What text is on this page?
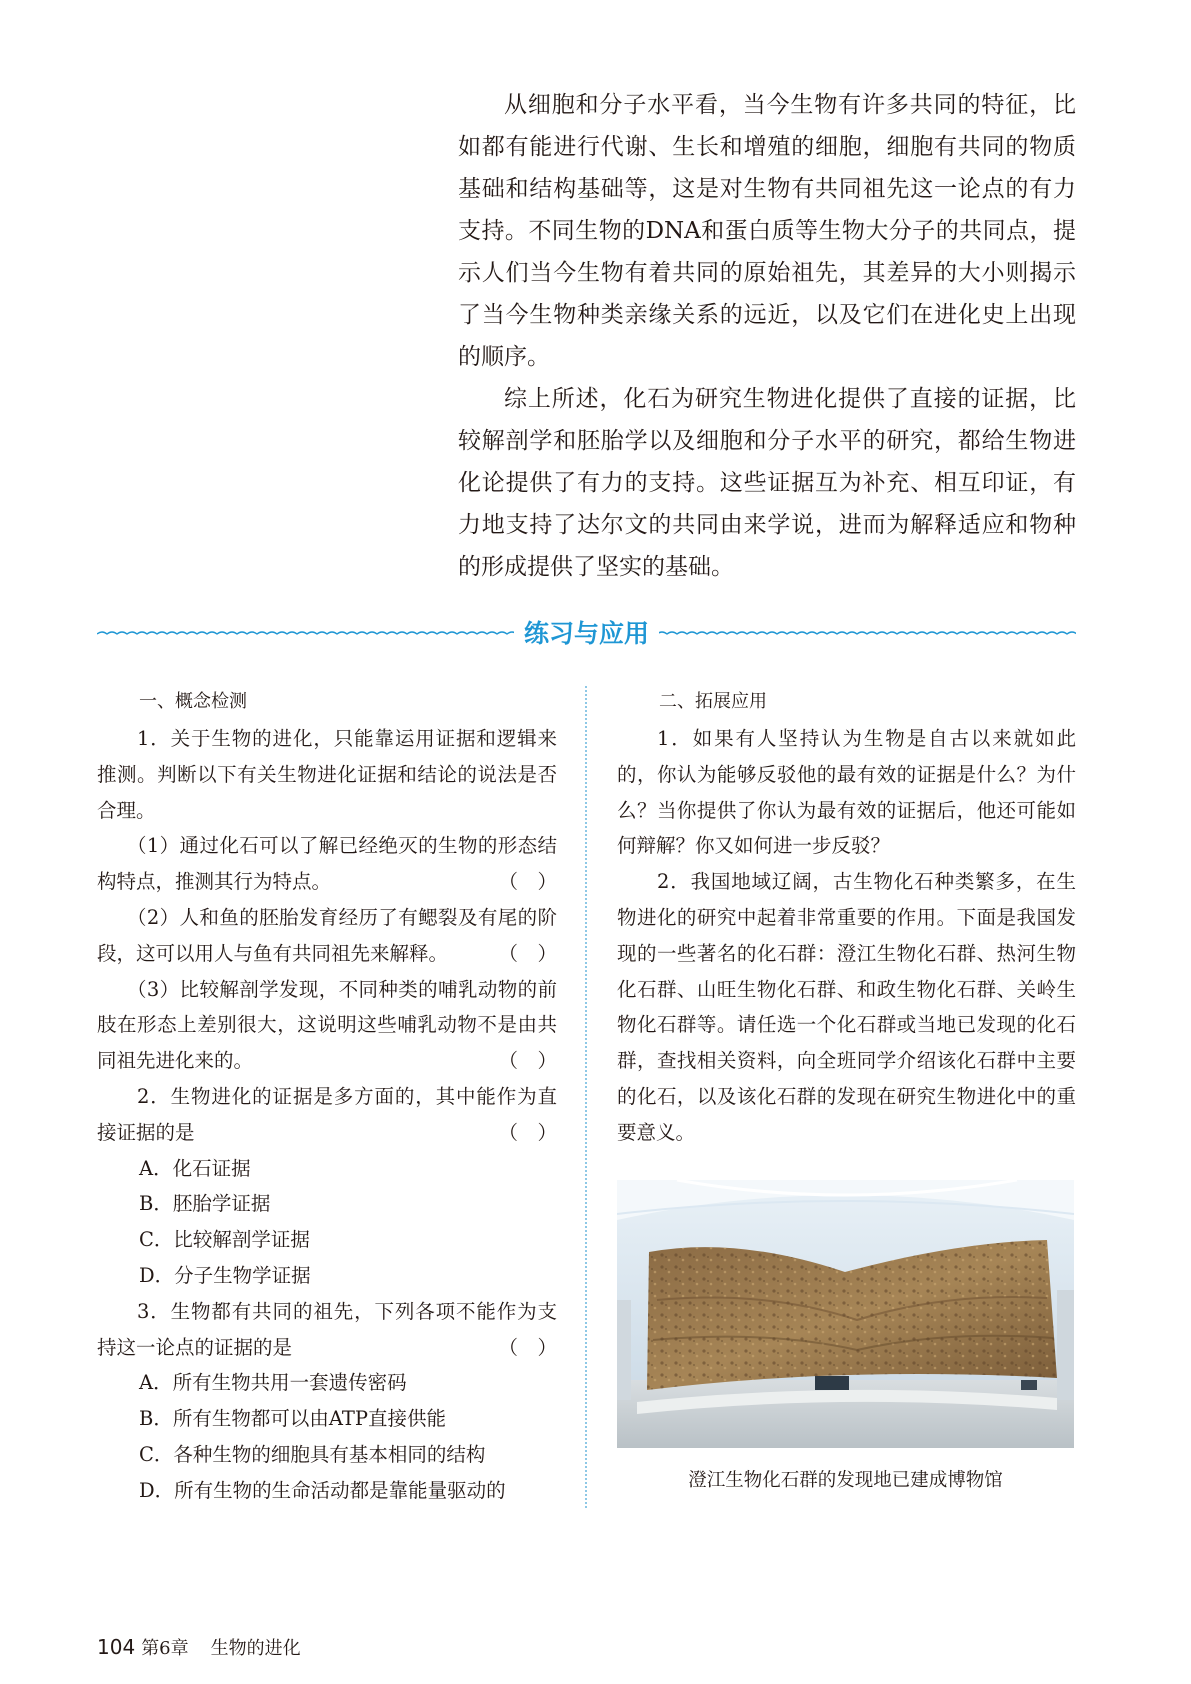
从细胞和分子水平看，当今生物有许多共同的特征，比如都有能进行代谢、生长和增殖的细胞，细胞有共同的物质基础和结构基础等，这是对生物有共同祖先这一论点的有力支持。不同生物的DNA和蛋白质等生物大分子的共同点，提示人们当今生物有着共同的原始祖先，其差异的大小则揭示了当今生物种类亲缘关系的远近，以及它们在进化史上出现的顺序。

综上所述，化石为研究生物进化提供了直接的证据，比较解剖学和胚胎学以及细胞和分子水平的研究，都给生物进化论提供了有力的支持。这些证据互为补充、相互印证，有力地支持了达尔文的共同由来学说，进而为解释适应和物种的形成提供了坚实的基础。

练习与应用
一、概念检测

1．关于生物的进化，只能靠运用证据和逻辑来推测。判断以下有关生物进化证据和结论的说法是否合理。

（1）通过化石可以了解已经绝灭的生物的形态结构特点，推测其行为特点。	（　）

（2）人和鱼的胚胎发育经历了有鳃裂及有尾的阶段，这可以用人与鱼有共同祖先来解释。	（　）

（3）比较解剖学发现，不同种类的哺乳动物的前肢在形态上差别很大，这说明这些哺乳动物不是由共同祖先进化来的。	（　）

2．生物进化的证据是多方面的，其中能作为直接证据的是	（　）

A．化石证据

B．胚胎学证据

C．比较解剖学证据

D．分子生物学证据

3．生物都有共同的祖先，下列各项不能作为支持这一论点的证据的是	（　）

A．所有生物共用一套遗传密码

B．所有生物都可以由ATP直接供能

C．各种生物的细胞具有基本相同的结构

D．所有生物的生命活动都是靠能量驱动的

二、拓展应用

1．如果有人坚持认为生物是自古以来就如此的，你认为能够反驳他的最有效的证据是什么？为什么？当你提供了你认为最有效的证据后，他还可能如何辩解？你又如何进一步反驳？

2．我国地域辽阔，古生物化石种类繁多，在生物进化的研究中起着非常重要的作用。下面是我国发现的一些著名的化石群：澄江生物化石群、热河生物化石群、山旺生物化石群、和政生物化石群、关岭生物化石群等。请任选一个化石群或当地已发现的化石群，查找相关资料，向全班同学介绍该化石群中主要的化石，以及该化石群的发现在研究生物进化中的重要意义。

澄江生物化石群的发现地已建成博物馆

104 第6章 生物的进化
